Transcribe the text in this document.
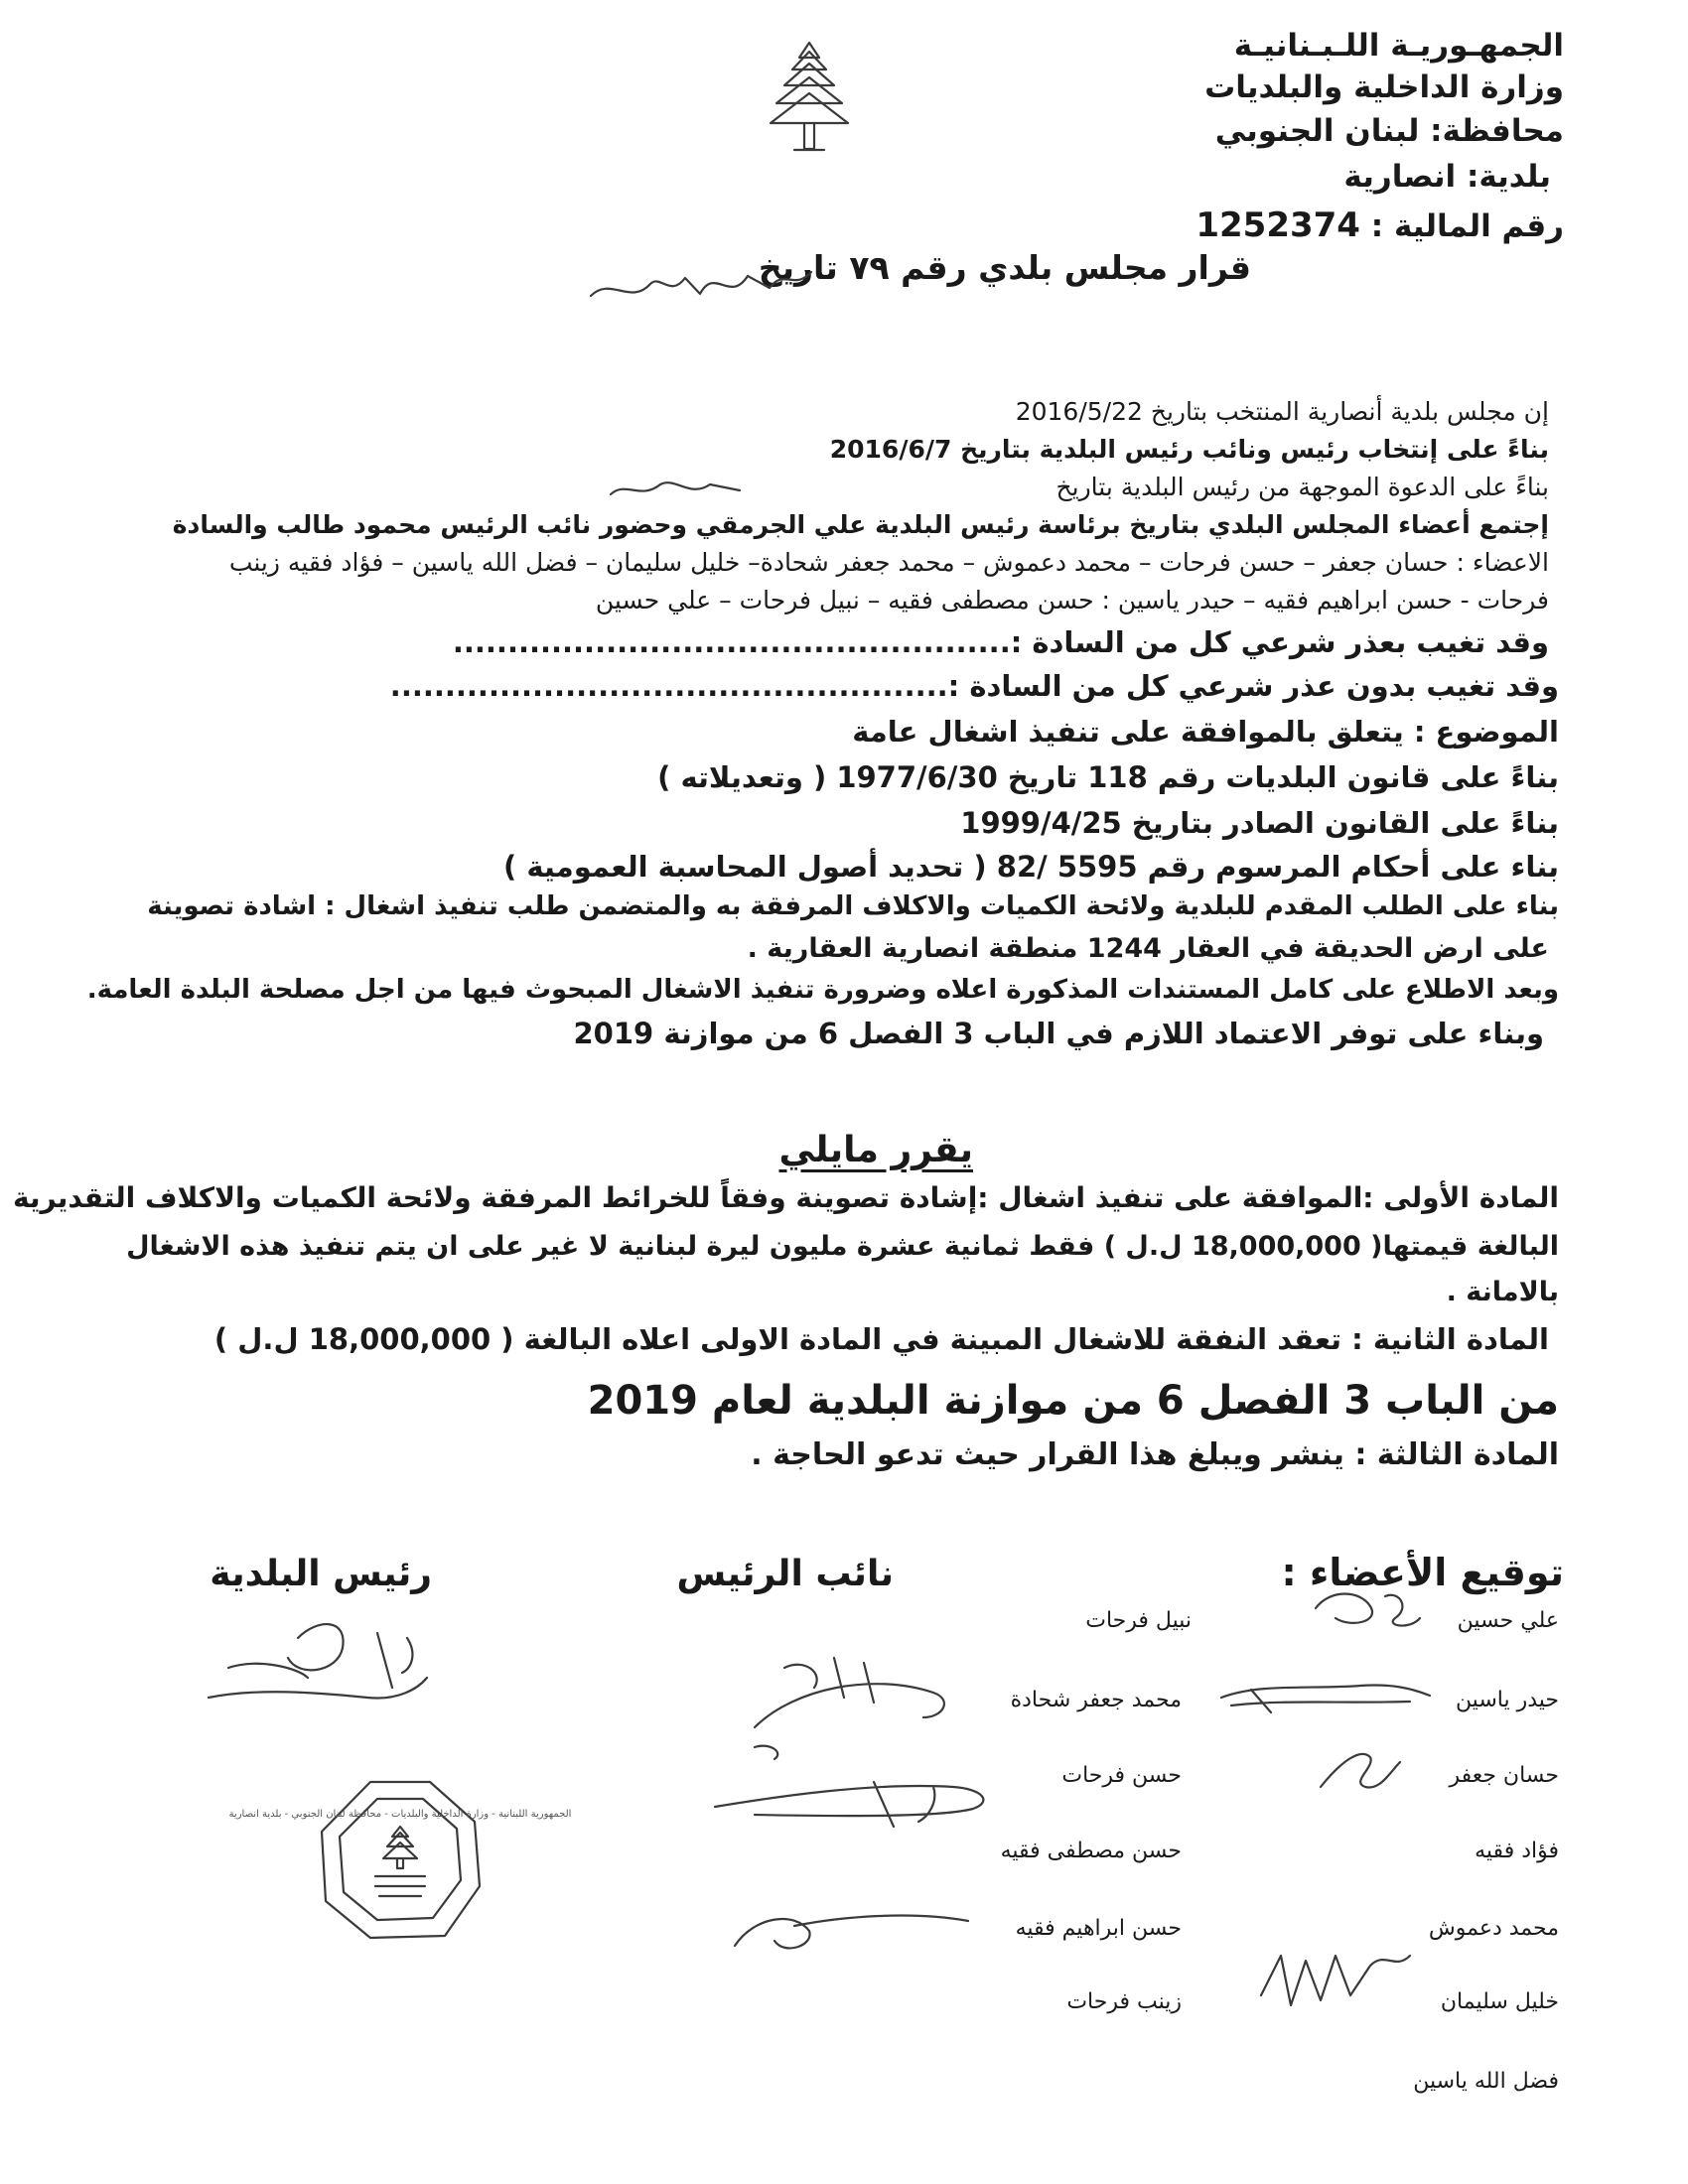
الجمهـوريـة اللـبـنانيـة
وزارة الداخلية والبلديات
محافظة: لبنان الجنوبي
بلدية: انصارية
رقم المالية : 1252374
قرار مجلس بلدي رقم ٧٩ تاريخ
إن مجلس بلدية أنصارية المنتخب بتاريخ 2016/5/22
بناءً على إنتخاب رئيس ونائب رئيس البلدية بتاريخ 2016/6/7
بناءً على الدعوة الموجهة من رئيس البلدية بتاريخ
إجتمع أعضاء المجلس البلدي بتاريخ برئاسة رئيس البلدية علي الجرمقي وحضور نائب الرئيس محمود طالب والسادة
الاعضاء : حسان جعفر – حسن فرحات – محمد دعموش – محمد جعفر شحادة– خليل سليمان – فضل الله ياسين – فؤاد فقيه زينب
فرحات - حسن ابراهيم فقيه – حيدر ياسين : حسن مصطفى فقيه – نبيل فرحات – علي حسين
وقد تغيب بعذر شرعي كل من السادة :...................................................
وقد تغيب بدون عذر شرعي كل من السادة :...................................................
الموضوع : يتعلق بالموافقة على تنفيذ اشغال عامة
بناءً على قانون البلديات رقم 118 تاريخ 1977/6/30 ( وتعديلاته )
بناءً على القانون الصادر بتاريخ 1999/4/25
بناء على أحكام المرسوم رقم 5595 /82 ( تحديد أصول المحاسبة العمومية )
بناء على الطلب المقدم للبلدية ولائحة الكميات والاكلاف المرفقة به والمتضمن طلب تنفيذ اشغال : اشادة تصوينة
على ارض الحديقة في العقار 1244 منطقة انصارية العقارية .
وبعد الاطلاع على كامل المستندات المذكورة اعلاه وضرورة تنفيذ الاشغال المبحوث فيها من اجل مصلحة البلدة العامة.
وبناء على توفر الاعتماد اللازم في الباب 3 الفصل 6 من موازنة 2019
يقرر مايلي
المادة الأولى :الموافقة على تنفيذ اشغال :إشادة تصوينة وفقاً للخرائط المرفقة ولائحة الكميات والاكلاف التقديرية
البالغة قيمتها( 18,000,000 ل.ل ) فقط ثمانية عشرة مليون ليرة لبنانية لا غير على ان يتم تنفيذ هذه الاشغال
بالامانة .
المادة الثانية : تعقد النفقة للاشغال المبينة في المادة الاولى اعلاه البالغة ( 18,000,000 ل.ل )
من الباب 3 الفصل 6 من موازنة البلدية لعام 2019
المادة الثالثة : ينشر ويبلغ هذا القرار حيث تدعو الحاجة .
توقيع الأعضاء :
نائب الرئيس
رئيس البلدية
علي حسين
حيدر ياسين
حسان جعفر
فؤاد فقيه
محمد دعموش
خليل سليمان
فضل الله ياسين
نبيل فرحات
محمد جعفر شحادة
حسن فرحات
حسن مصطفى فقيه
حسن ابراهيم فقيه
زينب فرحات
الجمهورية اللبنانية - وزارة الداخلية والبلديات - محافظة لبنان الجنوبي - بلدية انصارية
